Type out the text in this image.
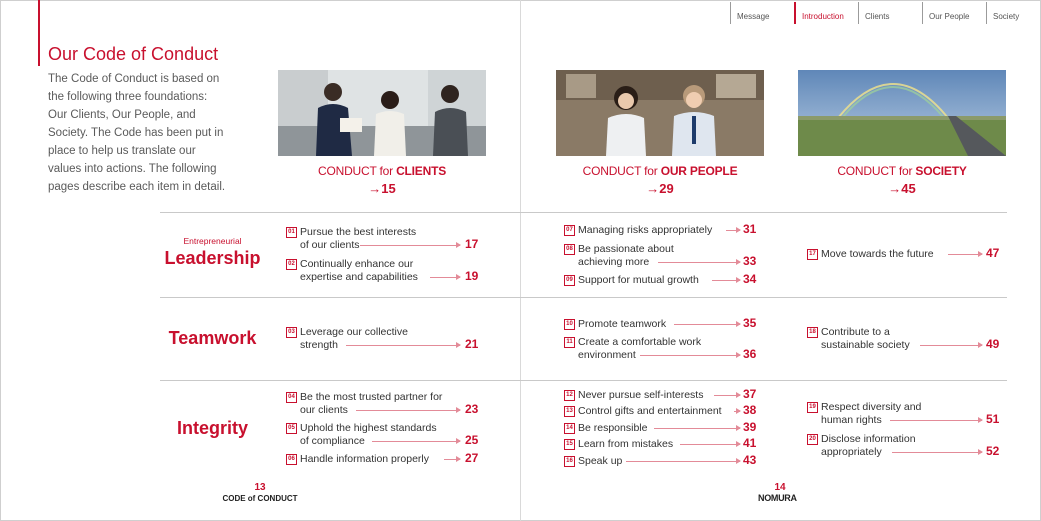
Message	Introduction	Clients	Our People	Society
Our Code of Conduct

The Code of Conduct is based on the following three foundations: Our Clients, Our People, and Society. The Code has been put in place to help us translate our values into actions. The following pages describe each item in detail.

CONDUCT for CLIENTS
→15
CONDUCT for OUR PEOPLE
→29
CONDUCT for SOCIETY
→45
Entrepreneurial
Leadership
Teamwork
Integrity
01 Pursue the best interests
of our clients	17
02 Continually enhance our
expertise and capabilities	19
03 Leverage our collective
strength	21
04 Be the most trusted partner for
our clients	23
05 Uphold the highest standards
of compliance	25
06 Handle information properly	27
07 Managing risks appropriately	31
08 Be passionate about
achieving more	33
09 Support for mutual growth	34
10 Promote teamwork	35
11 Create a comfortable work
environment	36
12 Never pursue self-interests	37
13 Control gifts and entertainment 38
14 Be responsible	39
15 Learn from mistakes	41
16 Speak up	43
17 Move towards the future	47
18 Contribute to a
sustainable society	49
19 Respect diversity and
human rights	51
20 Disclose information
appropriately	52
13
CODE of CONDUCT
14
NOMURA
